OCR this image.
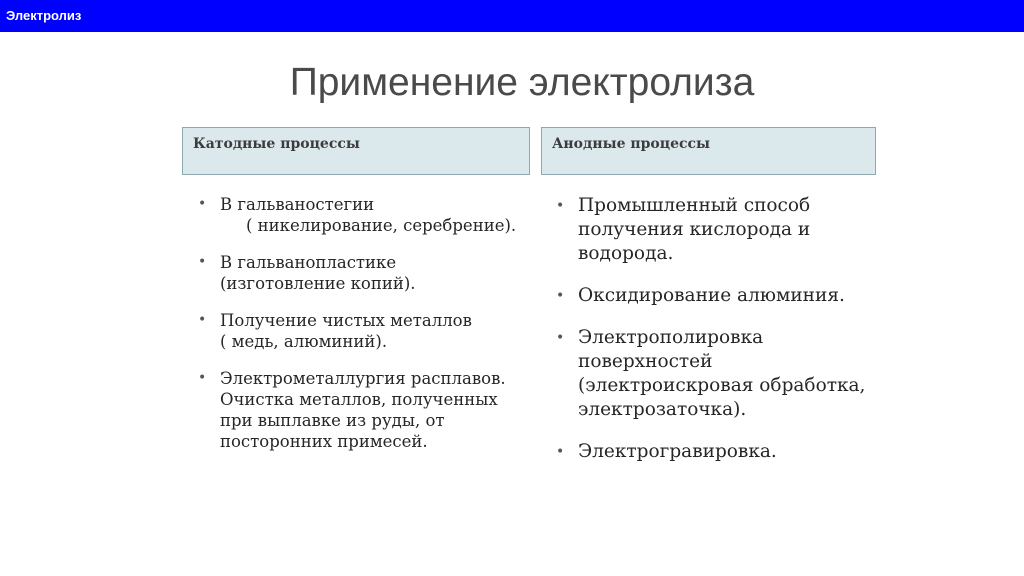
Электролиз
Применение электролиза
Катодные процессы	Анодные процессы
• В гальваностегии
( никелирование, серебрение).
• В гальванопластике
(изготовление копий).
• Получение чистых металлов
( медь, алюминий).
• Электрометаллургия расплавов.
Очистка металлов, полученных
при выплавке из руды, от
посторонних примесей.
• Промышленный способ
получения кислорода и
водорода.
• Оксидирование алюминия.
• Электрополировка
поверхностей
(электроискровая обработка,
электрозаточка).
• Электрогравировка.
